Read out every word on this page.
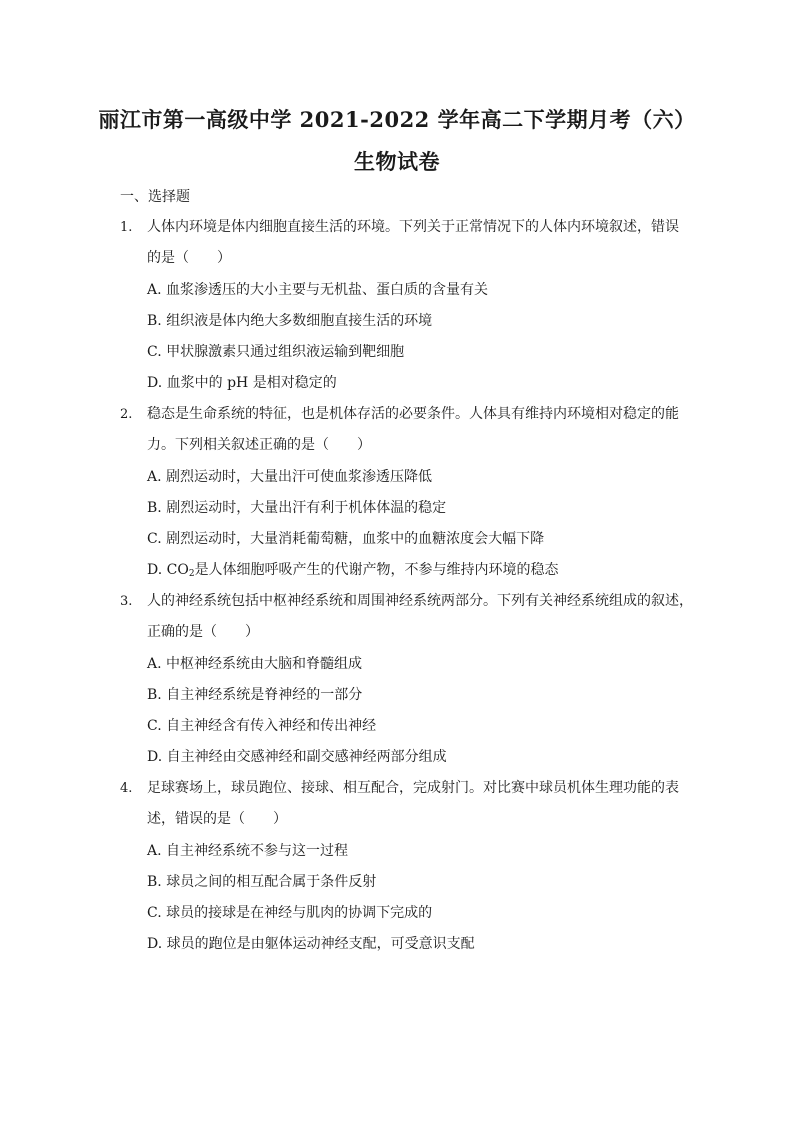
丽江市第一高级中学 2021-2022 学年高二下学期月考（六）
生物试卷
一、选择题
1. 人体内环境是体内细胞直接生活的环境。下列关于正常情况下的人体内环境叙述，错误
的是（　　）
A. 血浆渗透压的大小主要与无机盐、蛋白质的含量有关
B. 组织液是体内绝大多数细胞直接生活的环境
C. 甲状腺激素只通过组织液运输到靶细胞
D. 血浆中的 pH 是相对稳定的
2. 稳态是生命系统的特征，也是机体存活的必要条件。人体具有维持内环境相对稳定的能
力。下列相关叙述正确的是（　　）
A. 剧烈运动时，大量出汗可使血浆渗透压降低
B. 剧烈运动时，大量出汗有利于机体体温的稳定
C. 剧烈运动时，大量消耗葡萄糖，血浆中的血糖浓度会大幅下降
D. $CO_2$是人体细胞呼吸产生的代谢产物，不参与维持内环境的稳态
3. 人的神经系统包括中枢神经系统和周围神经系统两部分。下列有关神经系统组成的叙述，
正确的是（　　）
A. 中枢神经系统由大脑和脊髓组成
B. 自主神经系统是脊神经的一部分
C. 自主神经含有传入神经和传出神经
D. 自主神经由交感神经和副交感神经两部分组成
4. 足球赛场上，球员跑位、接球、相互配合，完成射门。对比赛中球员机体生理功能的表
述，错误的是（　　）
A. 自主神经系统不参与这一过程
B. 球员之间的相互配合属于条件反射
C. 球员的接球是在神经与肌肉的协调下完成的
D. 球员的跑位是由躯体运动神经支配，可受意识支配
